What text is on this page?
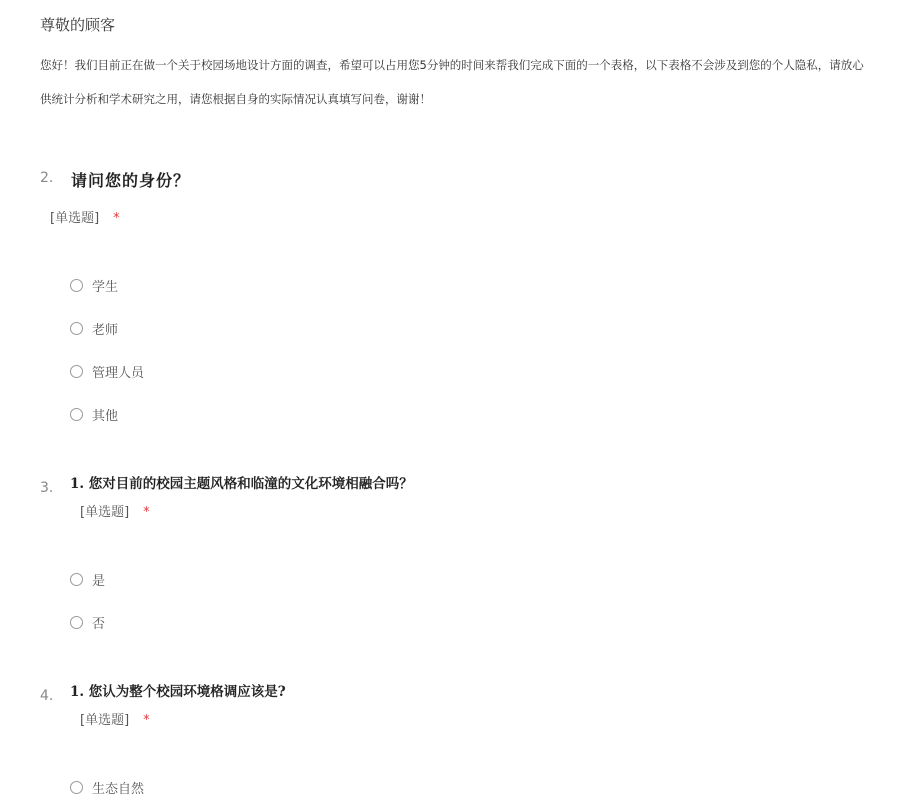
尊敬的顾客
您好！我们目前正在做一个关于校园场地设计方面的调查，希望可以占用您5分钟的时间来帮我们完成下面的一个表格，以下表格不会涉及到您的个人隐私，请放心
供统计分析和学术研究之用，请您根据自身的实际情况认真填写问卷，谢谢！
2. 请问您的身份？
[单选题] *
学生
老师
管理人员
其他
3. 1. 您对目前的校园主题风格和临潼的文化环境相融合吗？
[单选题] *
是
否
4. 1. 您认为整个校园环境格调应该是?
[单选题] *
生态自然
